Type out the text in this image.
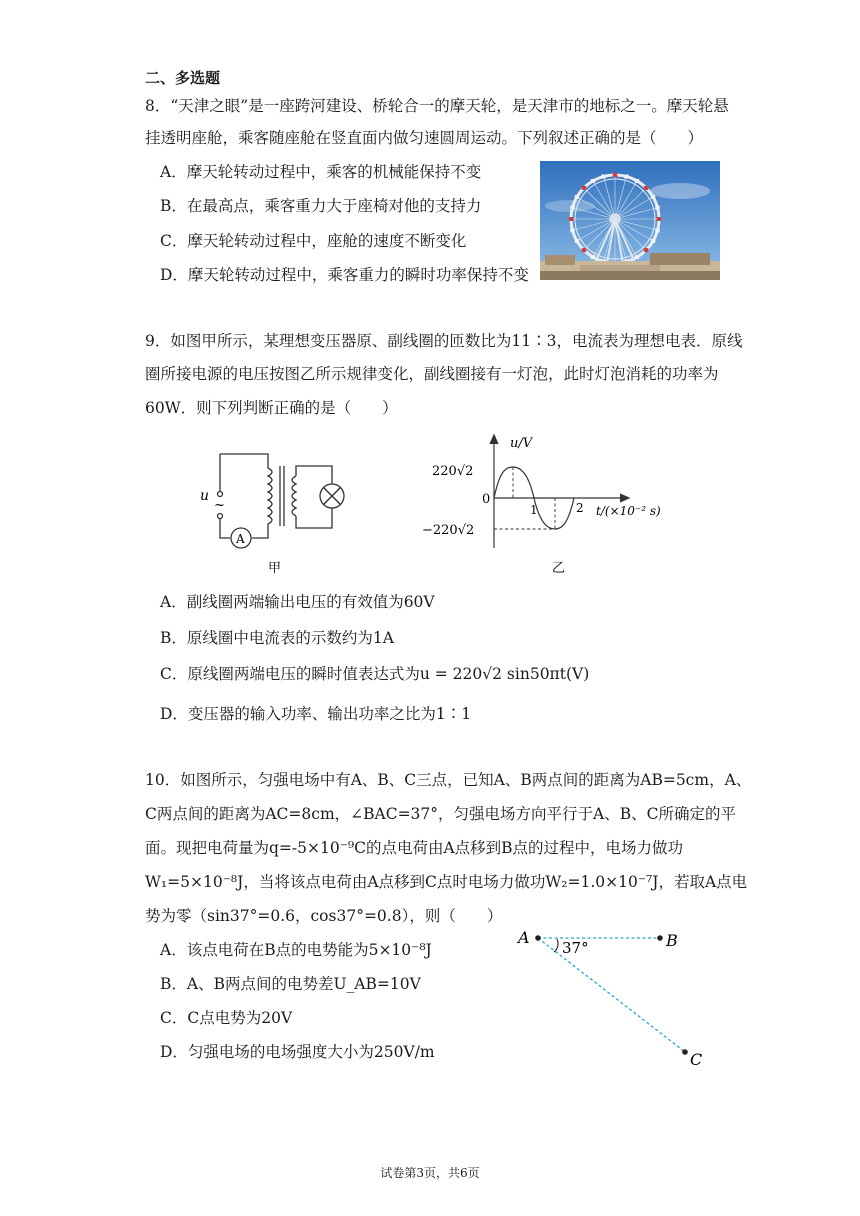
二、多选题
8．“天津之眼”是一座跨河建设、桥轮合一的摩天轮，是天津市的地标之一。摩天轮悬
挂透明座舱，乘客随座舱在竖直面内做匀速圆周运动。下列叙述正确的是（　　）
A．摩天轮转动过程中，乘客的机械能保持不变
B．在最高点，乘客重力大于座椅对他的支持力
C．摩天轮转动过程中，座舱的速度不断变化
D．摩天轮转动过程中，乘客重力的瞬时功率保持不变
9．如图甲所示，某理想变压器原、副线圈的匝数比为11∶3，电流表为理想电表．原线
圈所接电源的电压按图乙所示规律变化，副线圈接有一灯泡，此时灯泡消耗的功率为
60W．则下列判断正确的是（　　）
u
~
A
甲
u/V
220√2
0
1	2 t/(×10⁻² s)
−220√2
乙
A．副线圈两端输出电压的有效值为60V
B．原线圈中电流表的示数约为1A
C．原线圈两端电压的瞬时值表达式为u = 220√2 sin50πt(V)
D．变压器的输入功率、输出功率之比为1∶1
10．如图所示，匀强电场中有A、B、C三点，已知A、B两点间的距离为AB=5cm，A、
C两点间的距离为AC=8cm，∠BAC=37°，匀强电场方向平行于A、B、C所确定的平
面。现把电荷量为q=-5×10⁻⁹C的点电荷由A点移到B点的过程中，电场力做功
W₁=5×10⁻⁸J，当将该点电荷由A点移到C点时电场力做功W₂=1.0×10⁻⁷J，若取A点电
势为零（sin37°=0.6，cos37°=0.8），则（　　）
A．该点电荷在B点的电势能为5×10⁻⁸J
B．A、B两点间的电势差U_AB=10V
C．C点电势为20V
D．匀强电场的电场强度大小为250V/m
A	B
C
37°
试卷第3页，共6页
